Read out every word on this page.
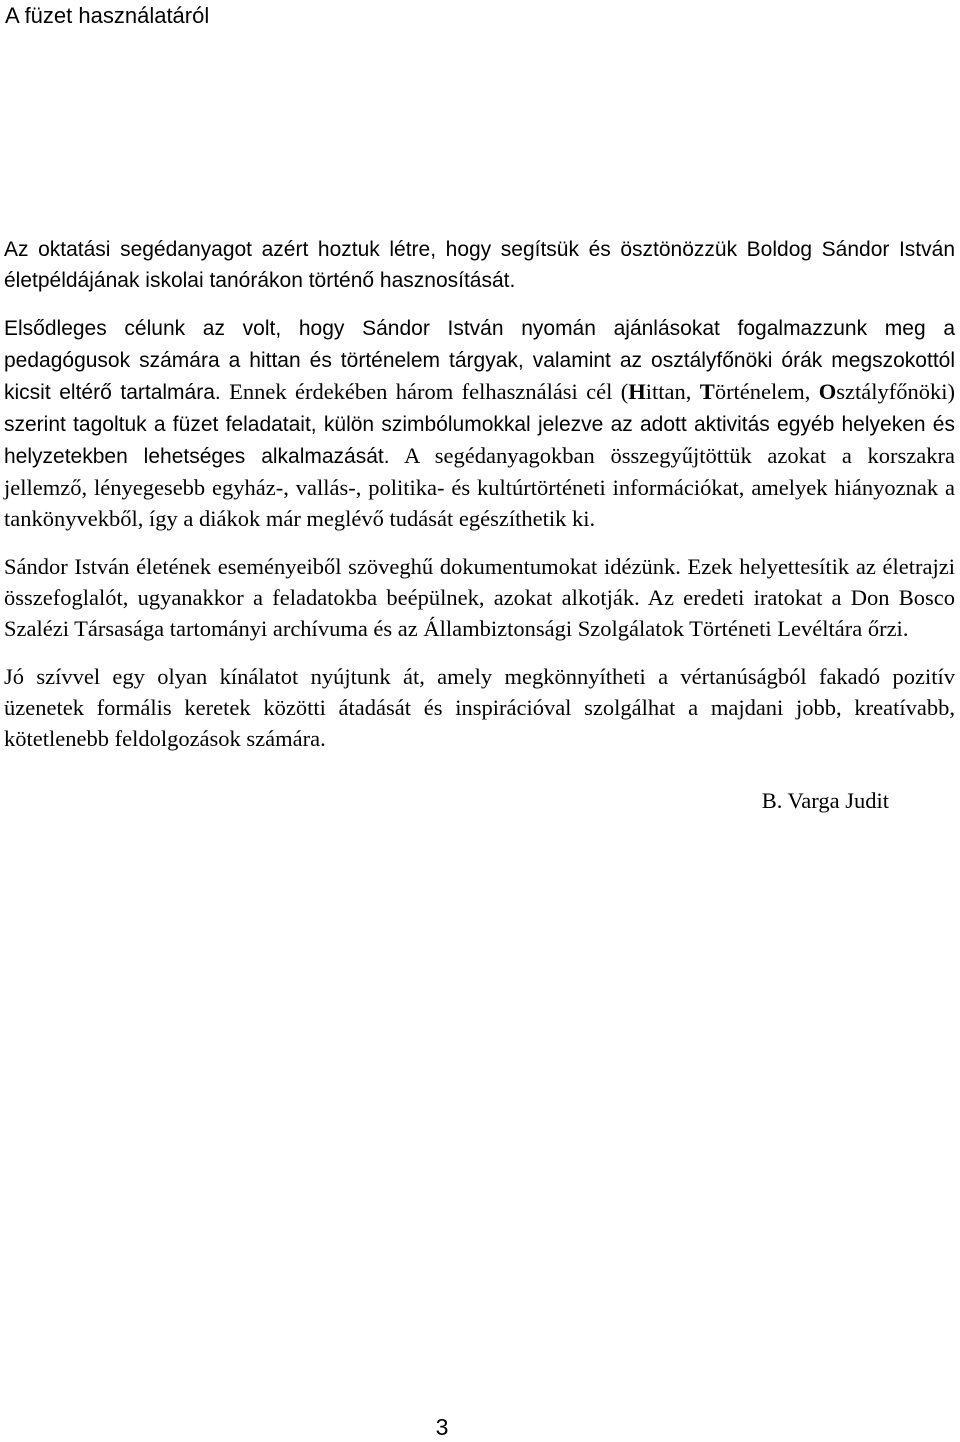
A füzet használatáról

Az oktatási segédanyagot azért hoztuk létre, hogy segítsük és ösztönözzük Boldog Sándor István életpéldájának iskolai tanórákon történő hasznosítását.

Elsődleges célunk az volt, hogy Sándor István nyomán ajánlásokat fogalmazzunk meg a pedagógusok számára a hittan és történelem tárgyak, valamint az osztályfőnöki órák megszokottól kicsit eltérő tartalmára. Ennek érdekében három felhasználási cél (Hittan, Történelem, Osztályfőnöki) szerint tagoltuk a füzet feladatait, külön szimbólumokkal jelezve az adott aktivitás egyéb helyeken és helyzetekben lehetséges alkalmazását. A segédanyagokban összegyűjtöttük azokat a korszakra jellemző, lényegesebb egyház-, vallás-, politika- és kultúrtörténeti információkat, amelyek hiányoznak a tankönyvekből, így a diákok már meglévő tudását egészíthetik ki.

Sándor István életének eseményeiből szöveghű dokumentumokat idézünk. Ezek helyettesítik az életrajzi összefoglalót, ugyanakkor a feladatokba beépülnek, azokat alkotják. Az eredeti iratokat a Don Bosco Szalézi Társasága tartományi archívuma és az Állambiztonsági Szolgálatok Történeti Levéltára őrzi.

Jó szívvel egy olyan kínálatot nyújtunk át, amely megkönnyítheti a vértanúságból fakadó pozitív üzenetek formális keretek közötti átadását és inspirációval szolgálhat a majdani jobb, kreatívabb, kötetlenebb feldolgozások számára.

B. Varga Judit

3
